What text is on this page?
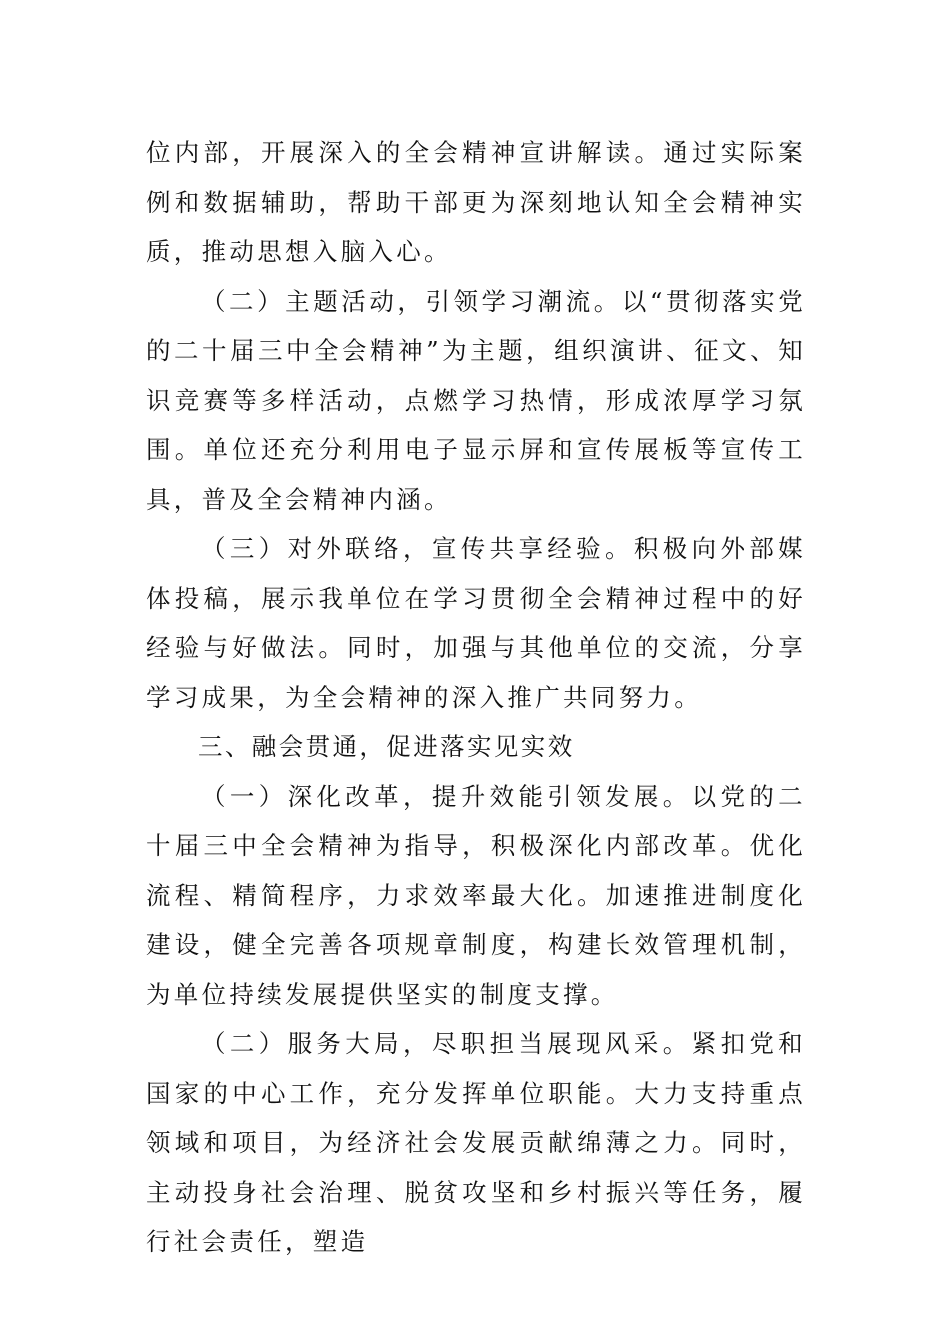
位内部，开展深入的全会精神宣讲解读。通过实际案例和数据辅助，帮助干部更为深刻地认知全会精神实质，推动思想入脑入心。

（二）主题活动，引领学习潮流。以“贯彻落实党的二十届三中全会精神”为主题，组织演讲、征文、知识竞赛等多样活动，点燃学习热情，形成浓厚学习氛围。单位还充分利用电子显示屏和宣传展板等宣传工具，普及全会精神内涵。

（三）对外联络，宣传共享经验。积极向外部媒体投稿，展示我单位在学习贯彻全会精神过程中的好经验与好做法。同时，加强与其他单位的交流，分享学习成果，为全会精神的深入推广共同努力。

三、融会贯通，促进落实见实效

（一）深化改革，提升效能引领发展。以党的二十届三中全会精神为指导，积极深化内部改革。优化流程、精简程序，力求效率最大化。加速推进制度化建设，健全完善各项规章制度，构建长效管理机制，为单位持续发展提供坚实的制度支撑。

（二）服务大局，尽职担当展现风采。紧扣党和国家的中心工作，充分发挥单位职能。大力支持重点领域和项目，为经济社会发展贡献绵薄之力。同时，主动投身社会治理、脱贫攻坚和乡村振兴等任务，履行社会责任，塑造
